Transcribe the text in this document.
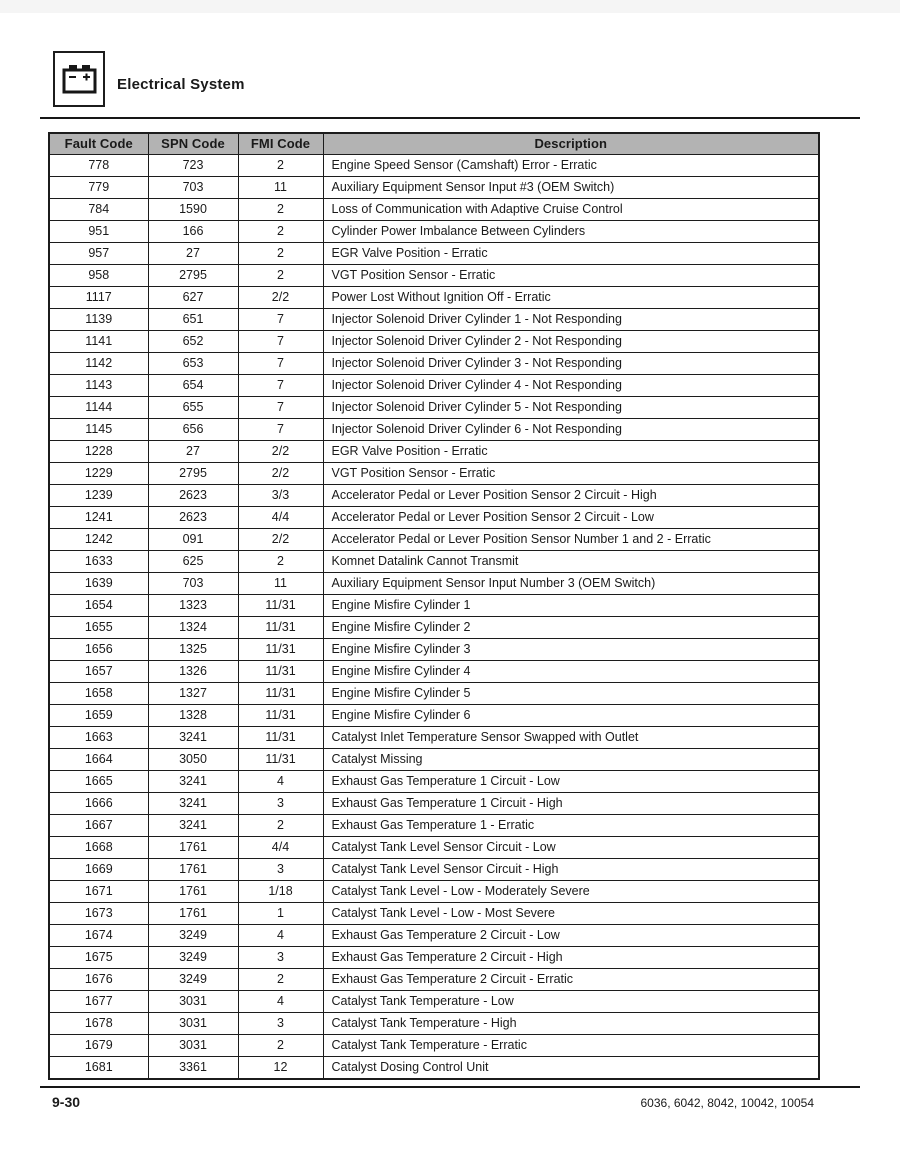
Electrical System
Fault Code	SPN Code	FMI Code	Description
778	723	2	Engine Speed Sensor (Camshaft) Error - Erratic
779	703	11	Auxiliary Equipment Sensor Input #3 (OEM Switch)
784	1590	2	Loss of Communication with Adaptive Cruise Control
951	166	2	Cylinder Power Imbalance Between Cylinders
957	27	2	EGR Valve Position - Erratic
958	2795	2	VGT Position Sensor - Erratic
1117	627	2/2	Power Lost Without Ignition Off - Erratic
1139	651	7	Injector Solenoid Driver Cylinder 1 - Not Responding
1141	652	7	Injector Solenoid Driver Cylinder 2 - Not Responding
1142	653	7	Injector Solenoid Driver Cylinder 3 - Not Responding
1143	654	7	Injector Solenoid Driver Cylinder 4 - Not Responding
1144	655	7	Injector Solenoid Driver Cylinder 5 - Not Responding
1145	656	7	Injector Solenoid Driver Cylinder 6 - Not Responding
1228	27	2/2	EGR Valve Position - Erratic
1229	2795	2/2	VGT Position Sensor - Erratic
1239	2623	3/3	Accelerator Pedal or Lever Position Sensor 2 Circuit - High
1241	2623	4/4	Accelerator Pedal or Lever Position Sensor 2 Circuit - Low
1242	091	2/2	Accelerator Pedal or Lever Position Sensor Number 1 and 2 - Erratic
1633	625	2	Komnet Datalink Cannot Transmit
1639	703	11	Auxiliary Equipment Sensor Input Number 3 (OEM Switch)
1654	1323	11/31	Engine Misfire Cylinder 1
1655	1324	11/31	Engine Misfire Cylinder 2
1656	1325	11/31	Engine Misfire Cylinder 3
1657	1326	11/31	Engine Misfire Cylinder 4
1658	1327	11/31	Engine Misfire Cylinder 5
1659	1328	11/31	Engine Misfire Cylinder 6
1663	3241	11/31	Catalyst Inlet Temperature Sensor Swapped with Outlet
1664	3050	11/31	Catalyst Missing
1665	3241	4	Exhaust Gas Temperature 1 Circuit - Low
1666	3241	3	Exhaust Gas Temperature 1 Circuit - High
1667	3241	2	Exhaust Gas Temperature 1 - Erratic
1668	1761	4/4	Catalyst Tank Level Sensor Circuit - Low
1669	1761	3	Catalyst Tank Level Sensor Circuit - High
1671	1761	1/18	Catalyst Tank Level - Low - Moderately Severe
1673	1761	1	Catalyst Tank Level - Low - Most Severe
1674	3249	4	Exhaust Gas Temperature 2 Circuit - Low
1675	3249	3	Exhaust Gas Temperature 2 Circuit - High
1676	3249	2	Exhaust Gas Temperature 2 Circuit - Erratic
1677	3031	4	Catalyst Tank Temperature - Low
1678	3031	3	Catalyst Tank Temperature - High
1679	3031	2	Catalyst Tank Temperature - Erratic
1681	3361	12	Catalyst Dosing Control Unit
9-30	6036, 6042, 8042, 10042, 10054
